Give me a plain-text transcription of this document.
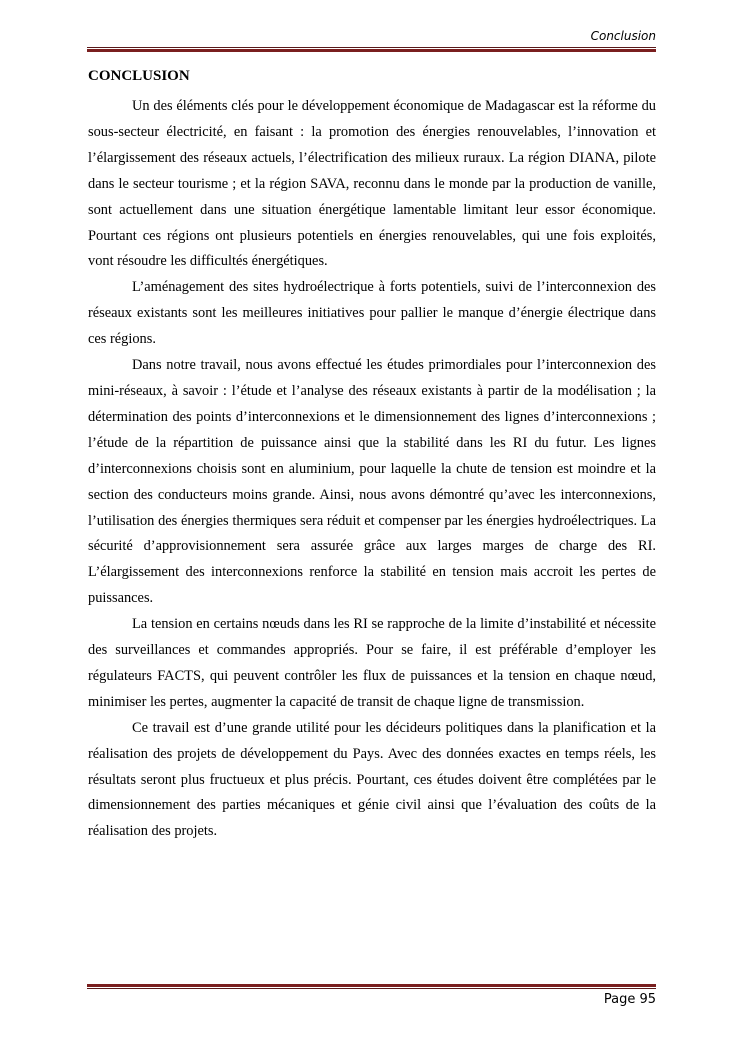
Conclusion
CONCLUSION

Un des éléments clés pour le développement économique de Madagascar est la réforme du sous-secteur électricité, en faisant : la promotion des énergies renouvelables, l’innovation et l’élargissement des réseaux actuels, l’électrification des milieux ruraux. La région DIANA, pilote dans le secteur tourisme ; et la région SAVA, reconnu dans le monde par la production de vanille, sont actuellement dans une situation énergétique lamentable limitant leur essor économique. Pourtant ces régions ont plusieurs potentiels en énergies renouvelables, qui une fois exploités, vont résoudre les difficultés énergétiques.

L’aménagement des sites hydroélectrique à forts potentiels, suivi de l’interconnexion des réseaux existants sont les meilleures initiatives pour pallier le manque d’énergie électrique dans ces régions.

Dans notre travail, nous avons effectué les études primordiales pour l’interconnexion des mini-réseaux, à savoir : l’étude et l’analyse des réseaux existants à partir de la modélisation ; la détermination des points d’interconnexions et le dimensionnement des lignes d’interconnexions ; l’étude de la répartition de puissance ainsi que la stabilité dans les RI du futur. Les lignes d’interconnexions choisis sont en aluminium, pour laquelle la chute de tension est moindre et la section des conducteurs moins grande. Ainsi, nous avons démontré qu’avec les interconnexions, l’utilisation des énergies thermiques sera réduit et compenser par les énergies hydroélectriques. La sécurité d’approvisionnement sera assurée grâce aux larges marges de charge des RI. L’élargissement des interconnexions renforce la stabilité en tension mais accroit les pertes de puissances.

La tension en certains nœuds dans les RI se rapproche de la limite d’instabilité et nécessite des surveillances et commandes appropriés. Pour se faire, il est préférable d’employer les régulateurs FACTS, qui peuvent contrôler les flux de puissances et la tension en chaque nœud, minimiser les pertes, augmenter la capacité de transit de chaque ligne de transmission.

Ce travail est d’une grande utilité pour les décideurs politiques dans la planification et la réalisation des projets de développement du Pays. Avec des données exactes en temps réels, les résultats seront plus fructueux et plus précis. Pourtant, ces études doivent être complétées par le dimensionnement des parties mécaniques et génie civil ainsi que l’évaluation des coûts de la réalisation des projets.

Page 95
